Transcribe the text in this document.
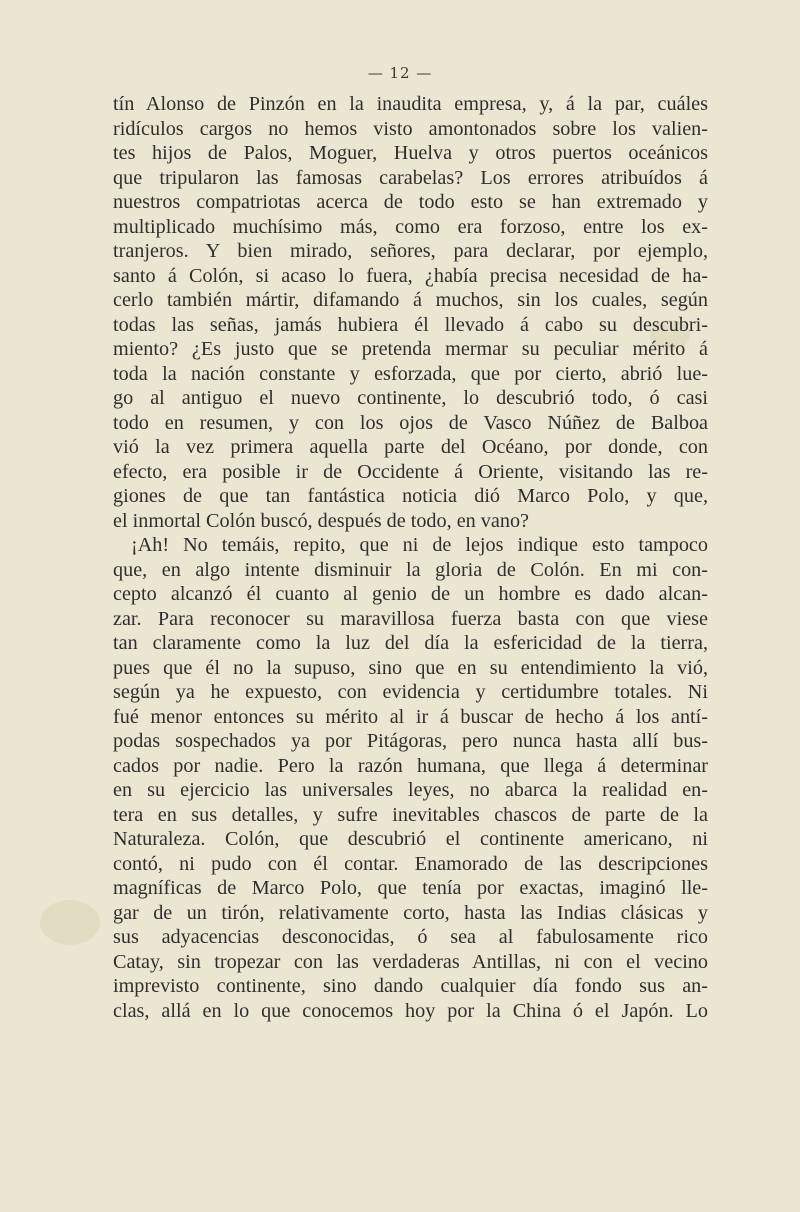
— 12 —
tín Alonso de Pinzón en la inaudita empresa, y, á la par, cuáles
ridículos cargos no hemos visto amontonados sobre los valien-
tes hijos de Palos, Moguer, Huelva y otros puertos oceánicos
que tripularon las famosas carabelas? Los errores atribuídos á
nuestros compatriotas acerca de todo esto se han extremado y
multiplicado muchísimo más, como era forzoso, entre los ex-
tranjeros. Y bien mirado, señores, para declarar, por ejemplo,
santo á Colón, si acaso lo fuera, ¿había precisa necesidad de ha-
cerlo también mártir, difamando á muchos, sin los cuales, según
todas las señas, jamás hubiera él llevado á cabo su descubri-
miento? ¿Es justo que se pretenda mermar su peculiar mérito á
toda la nación constante y esforzada, que por cierto, abrió lue-
go al antiguo el nuevo continente, lo descubrió todo, ó casi
todo en resumen, y con los ojos de Vasco Núñez de Balboa
vió la vez primera aquella parte del Océano, por donde, con
efecto, era posible ir de Occidente á Oriente, visitando las re-
giones de que tan fantástica noticia dió Marco Polo, y que,
el inmortal Colón buscó, después de todo, en vano?
¡Ah! No temáis, repito, que ni de lejos indique esto tampoco
que, en algo intente disminuir la gloria de Colón. En mi con-
cepto alcanzó él cuanto al genio de un hombre es dado alcan-
zar. Para reconocer su maravillosa fuerza basta con que viese
tan claramente como la luz del día la esfericidad de la tierra,
pues que él no la supuso, sino que en su entendimiento la vió,
según ya he expuesto, con evidencia y certidumbre totales. Ni
fué menor entonces su mérito al ir á buscar de hecho á los antí-
podas sospechados ya por Pitágoras, pero nunca hasta allí bus-
cados por nadie. Pero la razón humana, que llega á determinar
en su ejercicio las universales leyes, no abarca la realidad en-
tera en sus detalles, y sufre inevitables chascos de parte de la
Naturaleza. Colón, que descubrió el continente americano, ni
contó, ni pudo con él contar. Enamorado de las descripciones
magníficas de Marco Polo, que tenía por exactas, imaginó lle-
gar de un tirón, relativamente corto, hasta las Indias clásicas y
sus adyacencias desconocidas, ó sea al fabulosamente rico
Catay, sin tropezar con las verdaderas Antillas, ni con el vecino
imprevisto continente, sino dando cualquier día fondo sus an-
clas, allá en lo que conocemos hoy por la China ó el Japón. Lo
